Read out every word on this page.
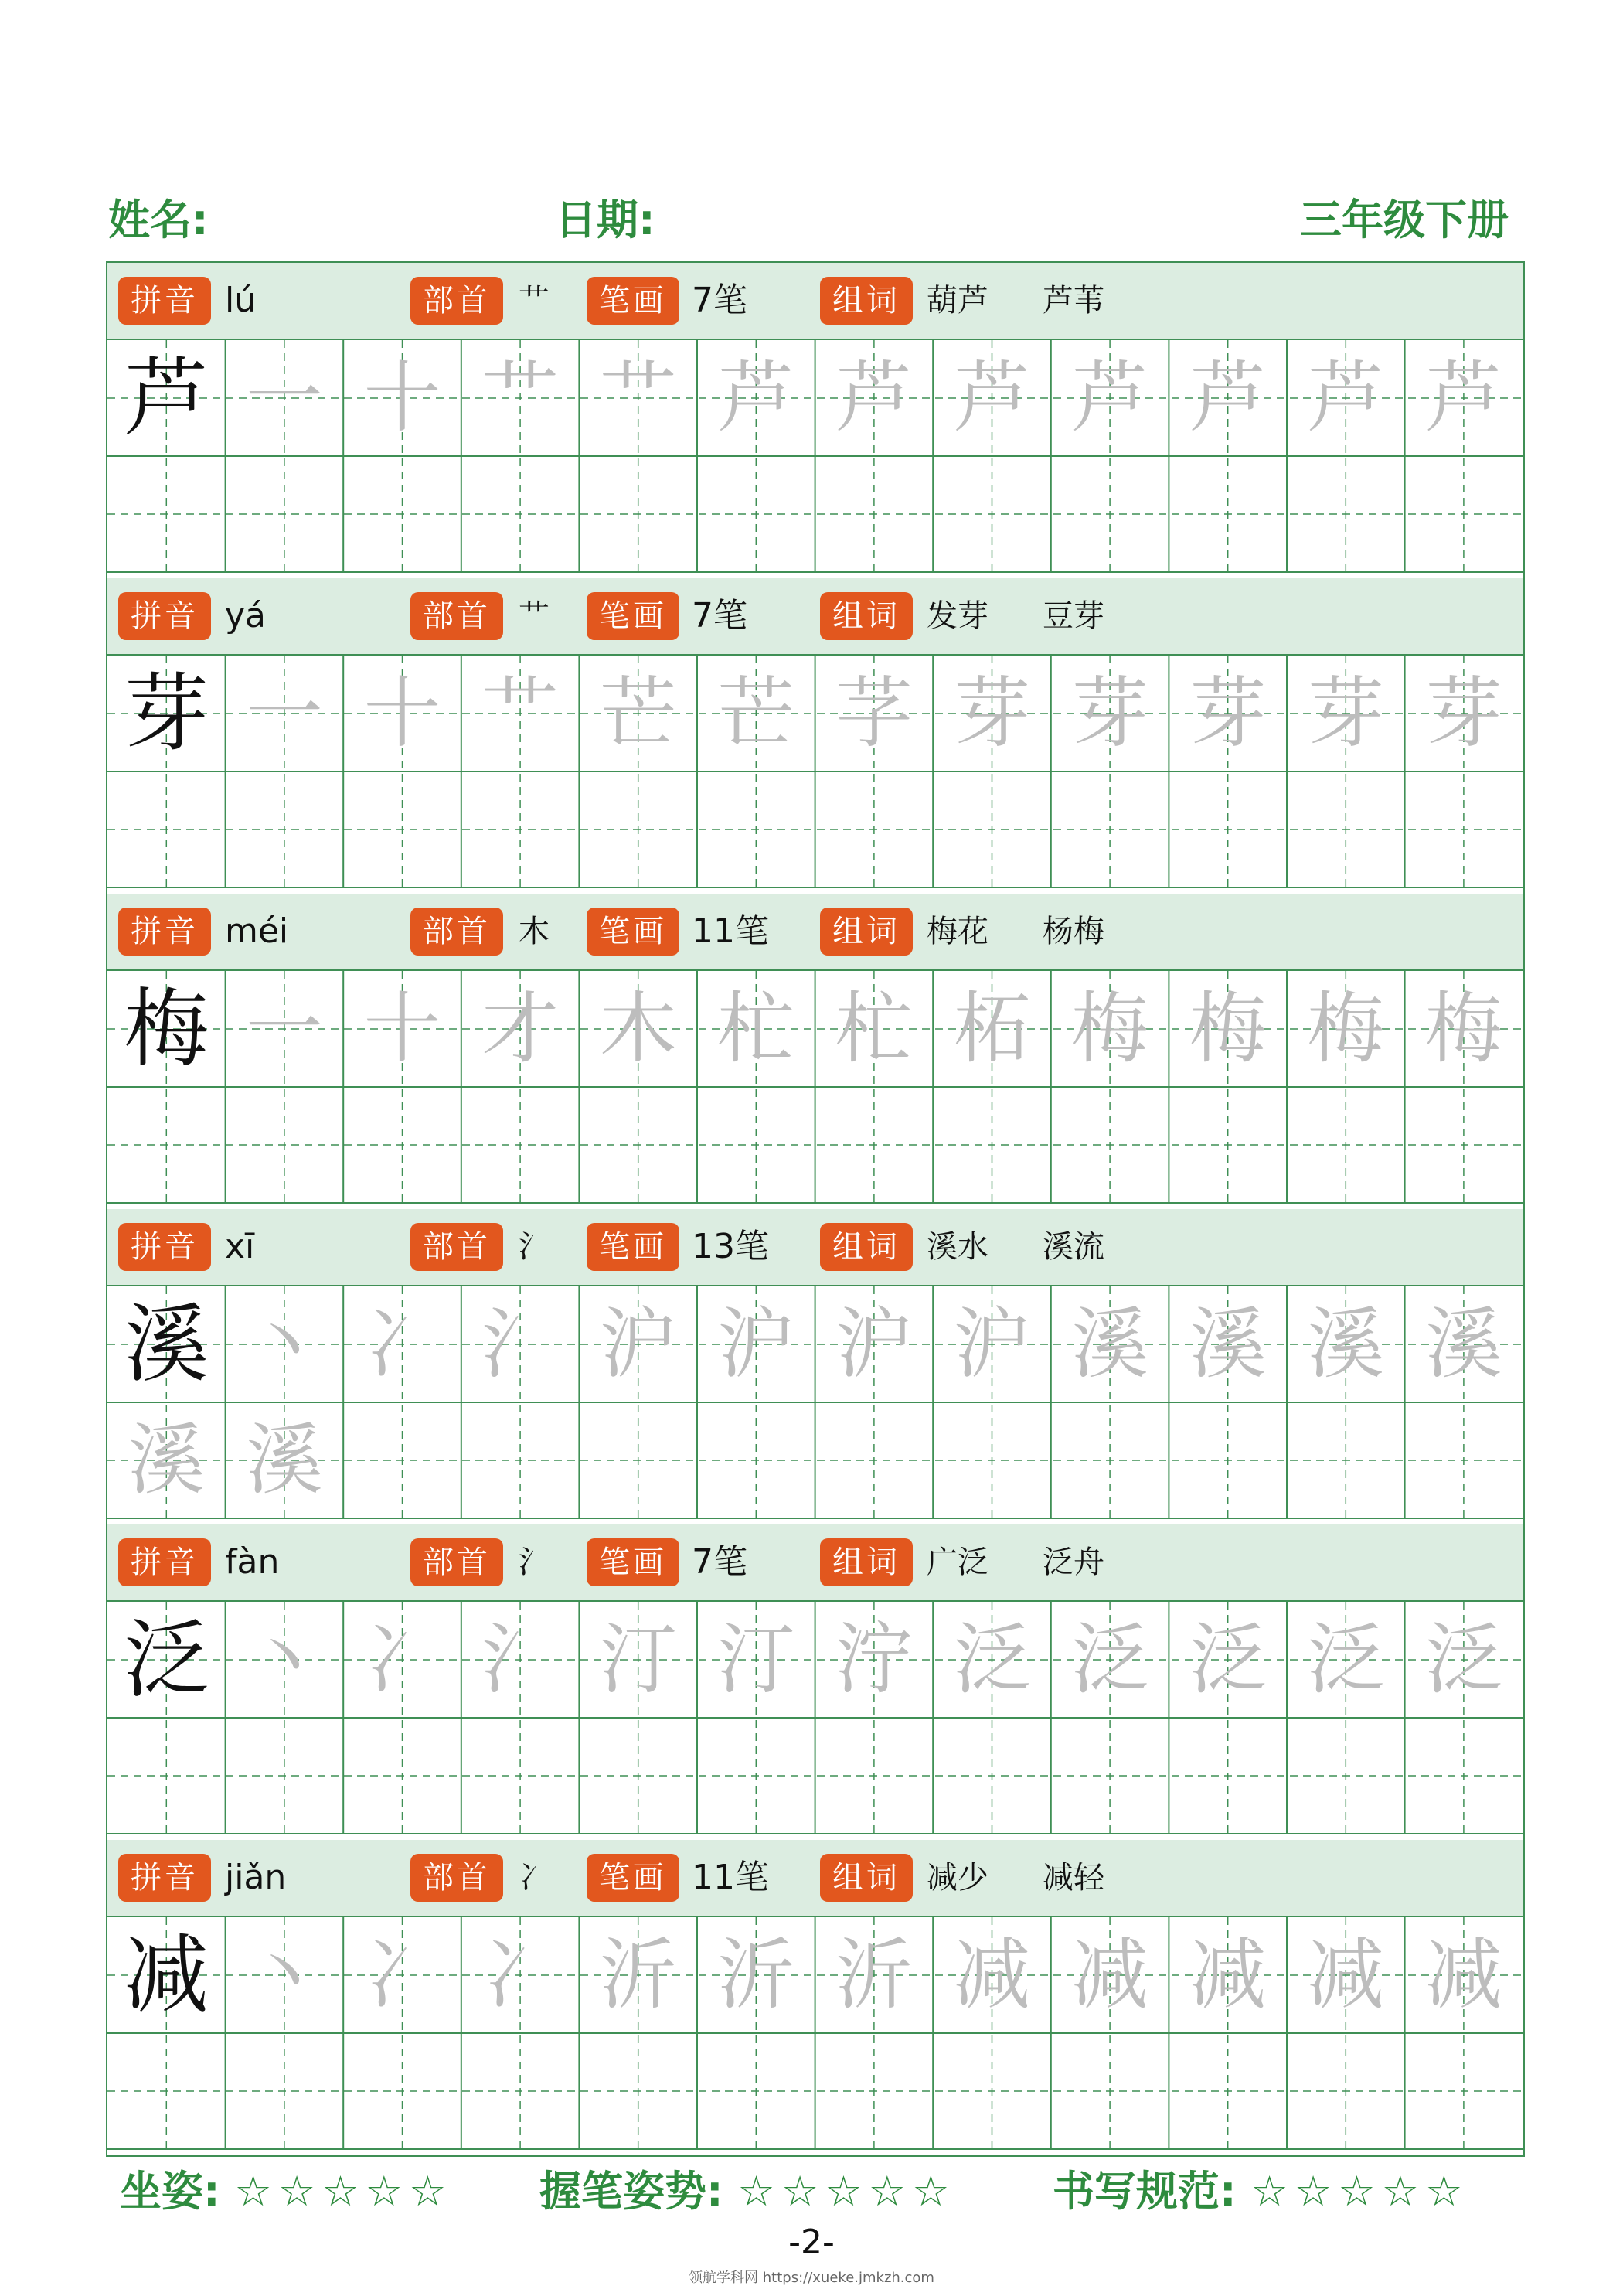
姓名:	日期:	三年级下册
拼音 lú	部首 艹	笔画 7笔	组词 葫芦 芦苇
芦 一 十 艹 艹 芦 芦 芦 芦 芦 芦 芦
拼音 yá	部首 艹	笔画 7笔	组词 发芽 豆芽
芽 一 十 艹 芒 芒 芓 芽 芽 芽 芽 芽
拼音 méi	部首 木	笔画 11笔	组词 梅花 杨梅
梅 一 十 才 木 杧 杧 柘 梅 梅 梅 梅
拼音 xī	部首 氵	笔画 13笔	组词 溪水 溪流
溪 丶 冫 氵 沪 沪 沪 沪 溪 溪 溪 溪
溪 溪
拼音 fàn	部首 氵	笔画 7笔	组词 广泛 泛舟
泛 丶 冫 氵 汀 汀 泞 泛 泛 泛 泛 泛
拼音 jiǎn	部首 冫	笔画 11笔	组词 减少 减轻
减 丶 冫 冫 沂 沂 沂 减 减 减 减 减
坐姿: ☆☆☆☆☆ 握笔姿势: ☆☆☆☆☆ 书写规范: ☆☆☆☆☆
-2-
领航学科网 https://xueke.jmkzh.com
